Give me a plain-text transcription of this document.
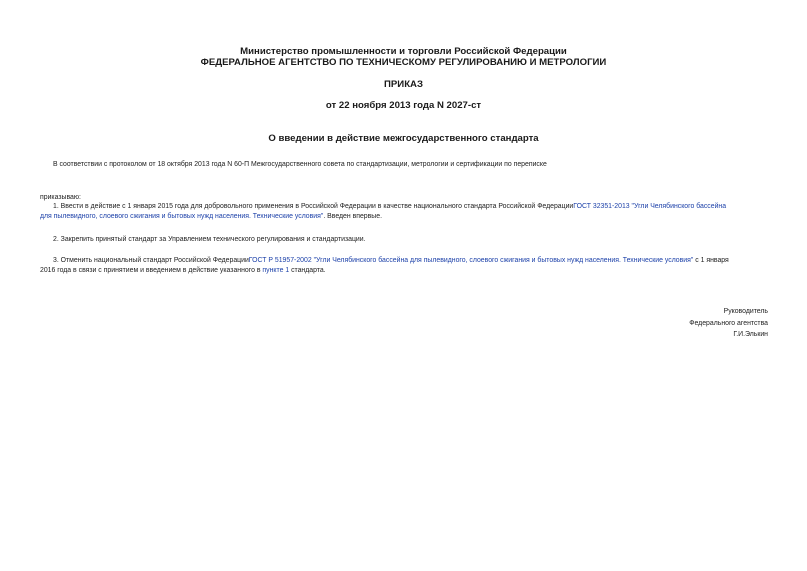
Министерство промышленности и торговли Российской Федерации
ФЕДЕРАЛЬНОЕ АГЕНТСТВО ПО ТЕХНИЧЕСКОМУ РЕГУЛИРОВАНИЮ И МЕТРОЛОГИИ
ПРИКАЗ
от 22 ноября 2013 года N 2027-ст
О введении в действие межгосударственного стандарта
В соответствии с протоколом от 18 октября 2013 года N 60-П Межгосударственного совета по стандартизации, метрологии и сертификации по переписке
приказываю:
1. Ввести в действие с 1 января 2015 года для добровольного применения в Российской Федерации в качестве национального стандарта Российской ФедерацииГОСТ 32351-2013 "Угли Челябинского бассейна
для пылевидного, слоевого сжигания и бытовых нужд населения. Технические условия". Введен впервые.
2. Закрепить принятый стандарт за Управлением технического регулирования и стандартизации.
3. Отменить национальный стандарт Российской ФедерацииГОСТ Р 51957-2002 "Угли Челябинского бассейна для пылевидного, слоевого сжигания и бытовых нужд населения. Технические условия" с 1 января
2016 года в связи с принятием и введением в действие указанного в пункте 1 стандарта.
Руководитель
Федерального агентства
Г.И.Элькин
